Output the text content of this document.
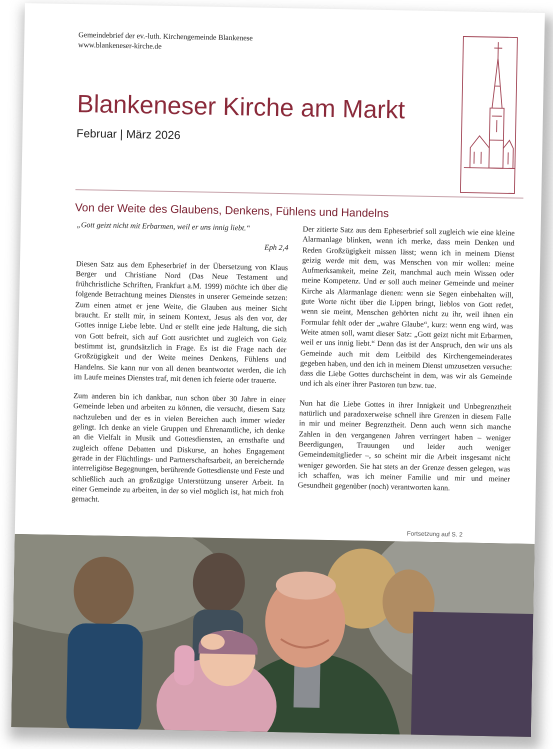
Gemeindebrief der ev.-luth. Kirchengemeinde Blankenese
www.blankeneser-kirche.de
Blankeneser Kirche am Markt
Februar | März 2026
Von der Weite des Glaubens, Denkens, Fühlens und Handelns

„Gott geizt nicht mit Erbarmen, weil er uns innig liebt.“

Eph 2,4

Diesen Satz aus dem Epheserbrief in der Übersetzung von Klaus Berger und Christiane Nord (Das Neue Testament und frühchristliche Schriften, Frankfurt a.M. 1999) möchte ich über die folgende Betrachtung meines Dienstes in unserer Gemeinde setzen: Zum einen atmet er jene Weite, die Glauben aus meiner Sicht braucht. Er stellt mir, in seinem Kontext, Jesus als den vor, der Gottes innige Liebe lebte. Und er stellt eine jede Haltung, die sich von Gott befreit, sich auf Gott ausrichtet und zugleich von Geiz bestimmt ist, grundsätzlich in Frage. Es ist die Frage nach der Großzügigkeit und der Weite meines Denkens, Fühlens und Handelns. Sie kann nur von all denen beantwortet werden, die ich im Laufe meines Dienstes traf, mit denen ich feierte oder trauerte.

Zum anderen bin ich dankbar, nun schon über 30 Jahre in einer Gemeinde leben und arbeiten zu können, die versucht, diesem Satz nachzuleben und der es in vielen Bereichen auch immer wieder gelingt. Ich denke an viele Gruppen und Ehrenamtliche, ich denke an die Vielfalt in Musik und Gottesdiensten, an ernsthafte und zugleich offene Debatten und Diskurse, an hohes Engagement gerade in der Flüchtlings- und Partnerschaftsarbeit, an bereichernde interreligiöse Begegnungen, berührende Gottesdienste und Feste und schließlich auch an großzügige Unterstützung unserer Arbeit. In einer Gemeinde zu arbeiten, in der so viel möglich ist, hat mich froh gemacht.

Der zitierte Satz aus dem Epheserbrief soll zugleich wie eine kleine Alarmanlage blinken, wenn ich merke, dass mein Denken und Reden Großzügigkeit missen lässt; wenn ich in meinem Dienst geizig werde mit dem, was Menschen von mir wollen: meine Aufmerksamkeit, meine Zeit, manchmal auch mein Wissen oder meine Kompetenz. Und er soll auch meiner Gemeinde und meiner Kirche als Alarmanlage dienen: wenn sie Segen einbehalten will, gute Worte nicht über die Lippen bringt, lieblos von Gott redet, wenn sie meint, Menschen gehörten nicht zu ihr, weil ihnen ein Formular fehlt oder der „wahre Glaube“, kurz: wenn eng wird, was Weite atmen soll, wamt dieser Satz: „Gott geizt nicht mit Erbarmen, weil er uns innig liebt.“ Denn das ist der Anspruch, den wir uns als Gemeinde auch mit dem Leitbild des Kirchengemeinderates gegeben haben, und den ich in meinem Dienst umzusetzen versuche: dass die Liebe Gottes durchscheint in dem, was wir als Gemeinde und ich als einer ihrer Pastoren tun bzw. tue.

Nun hat die Liebe Gottes in ihrer Innigkeit und Unbegrenztheit natürlich und paradoxerweise schnell ihre Grenzen in diesem Falle in mir und meiner Begrenztheit. Denn auch wenn sich manche Zahlen in den vergangenen Jahren verringert haben – weniger Beerdigungen, Trauungen und leider auch weniger Gemeindemitglieder –, so scheint mir die Arbeit insgesamt nicht weniger geworden. Sie hat stets an der Grenze dessen gelegen, was ich schaffen, was ich meiner Familie und mir und meiner Gesundheit gegenüber (noch) verantworten kann.

Fortsetzung auf S. 2
